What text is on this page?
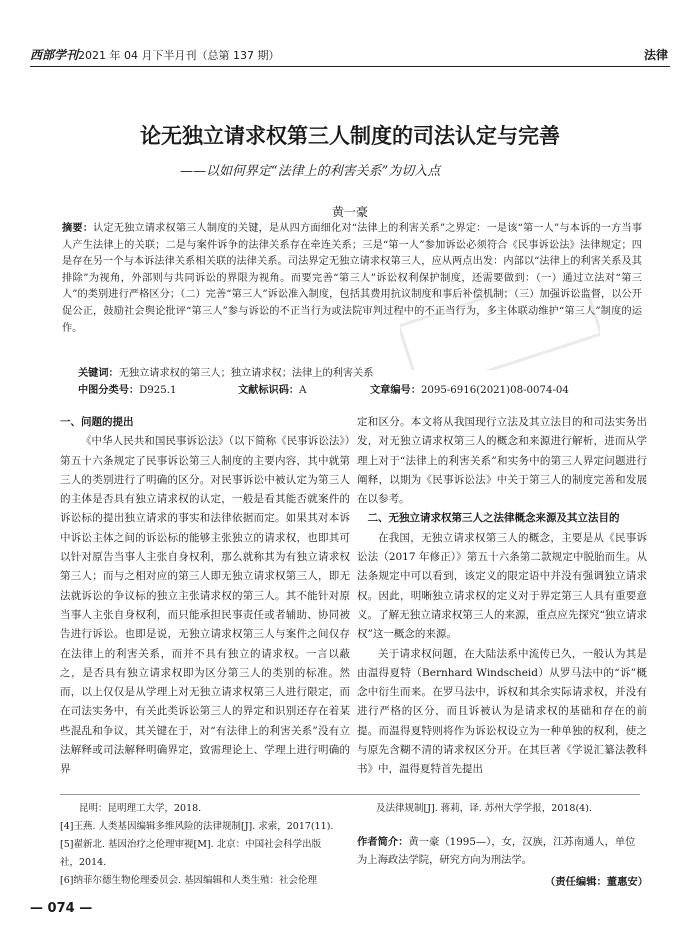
西部学刊2021 年 04 月下半月刊（总第 137 期）	法律
论无独立请求权第三人制度的司法认定与完善
——以如何界定“法律上的利害关系”为切入点
黄一豪
摘要：认定无独立请求权第三人制度的关键，是从四方面细化对“法律上的利害关系”之界定：一是该“第一人”与本诉的一方当事人产生法律上的关联；二是与案件诉争的法律关系存在牵连关系；三是“第一人”参加诉讼必须符合《民事诉讼法》法律规定；四是存在另一个与本诉法律关系相关联的法律关系。司法界定无独立请求权第三人，应从两点出发：内部以“法律上的利害关系及其排除”为视角，外部则与共同诉讼的界限为视角。而要完善“第三人”诉讼权利保护制度，还需要做到：（一）通过立法对“第三人”的类别进行严格区分；（二）完善“第三人”诉讼准入制度，包括其费用抗议制度和事后补偿机制；（三）加强诉讼监督，以公开促公正，鼓励社会舆论批评“第三人”参与诉讼的不正当行为或法院审判过程中的不正当行为，多主体联动维护“第三人”制度的运作。
关键词：无独立请求权的第三人；独立请求权；法律上的利害关系
中图分类号：D925.1	文献标识码：A	文章编号：2095-6916(2021)08-0074-04
一、问题的提出

《中华人民共和国民事诉讼法》（以下简称《民事诉讼法》）第五十六条规定了民事诉讼第三人制度的主要内容，其中就第三人的类别进行了明确的区分。对民事诉讼中被认定为第三人的主体是否具有独立请求权的认定，一般是看其能否就案件的诉讼标的提出独立请求的事实和法律依据而定。如果其对本诉中诉讼主体之间的诉讼标的能够主张独立的请求权，也即其可以针对原告当事人主张自身权利，那么就称其为有独立请求权第三人；而与之相对应的第三人即无独立请求权第三人，即无法就诉讼的争议标的独立主张请求权的第三人。其不能针对原当事人主张自身权利，而只能承担民事责任或者辅助、协同被告进行诉讼。也即是说，无独立请求权第三人与案件之间仅存在法律上的利害关系，而并不具有独立的请求权。一言以蔽之，是否具有独立请求权即为区分第三人的类别的标准。然而，以上仅仅是从学理上对无独立请求权第三人进行限定，而在司法实务中，有关此类诉讼第三人的界定和识别还存在着某些混乱和争议，其关键在于，对“有法律上的利害关系”没有立法解释或司法解释明确界定，致需理论上、学理上进行明确的界

定和区分。本文将从我国现行立法及其立法目的和司法实务出发，对无独立请求权第三人的概念和来源进行解析，进而从学理上对于“法律上的利害关系”和实务中的第三人界定问题进行阐释，以期为《民事诉讼法》中关于第三人的制度完善和发展在以参考。

二、无独立请求权第三人之法律概念来源及其立法目的

在我国，无独立请求权第三人的概念，主要是从《民事诉讼法（2017 年修正）》第五十六条第二款规定中脱胎而生。从法条规定中可以看到，该定义的限定语中并没有强调独立请求权。因此，明晰独立请求权的定义对于界定第三人具有重要意义。了解无独立请求权第三人的来源，重点应先探究“独立请求权”这一概念的来源。

关于请求权问题，在大陆法系中流传已久，一般认为其是由温得夏特（Bernhard Windscheid）从罗马法中的“诉”概念中衍生而来。在罗马法中，诉权和其余实际请求权，并没有进行严格的区分，而且诉被认为是请求权的基础和存在的前提。而温得夏特则将作为诉讼权设立为一种单独的权利，使之与原先含糊不清的请求权区分开。在其巨著《学说汇纂法教科书》中，温得夏特首先提出

昆明：昆明理工大学，2018.
[4]王燕. 人类基因编辑多维风险的法律规制[J]. 求索，2017(11).
[5]翟新北. 基因治疗之伦理审视[M]. 北京：中国社会科学出版社，2014.
[6]纳菲尔德生物伦理委员会. 基因编辑和人类生殖：社会伦理
及法律规制[J]. 蒋莉，译. 苏州大学学报，2018(4).
作者简介：黄一豪（1995—），女，汉族，江苏南通人，单位为上海政法学院，研究方向为刑法学。
（责任编辑：董惠安）
— 074 —
